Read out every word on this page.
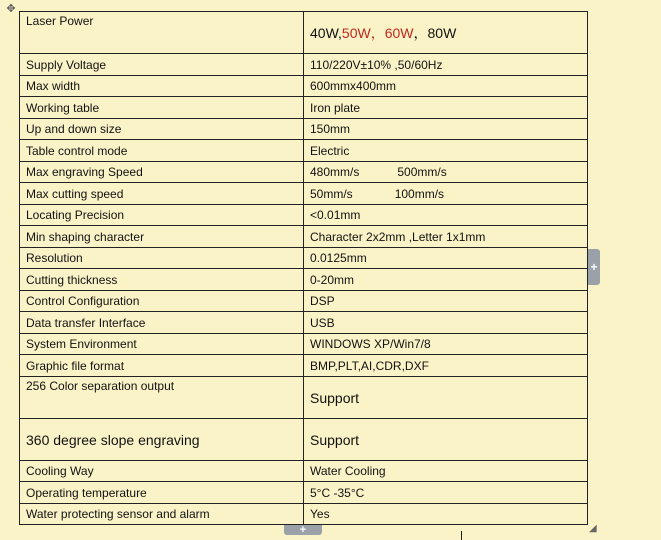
✥
Laser Power	40W,50W，60W，80W
Supply Voltage	110/220V±10% ,50/60Hz
Max width	600mmx400mm
Working table	Iron plate
Up and down size	150mm
Table control mode	Electric
Max engraving Speed	480mm/s 500mm/s
Max cutting speed	50mm/s 100mm/s
Locating Precision	<0.01mm
Min shaping character	Character 2x2mm ,Letter 1x1mm
Resolution	0.0125mm
Cutting thickness	0-20mm
Control Configuration	DSP
Data transfer Interface	USB
System Environment	WINDOWS XP/Win7/8
Graphic file format	BMP,PLT,AI,CDR,DXF
256 Color separation output	Support
360 degree slope engraving	Support
Cooling Way	Water Cooling
Operating temperature	5°C -35°C
Water protecting sensor and alarm	Yes
+
+	◢
